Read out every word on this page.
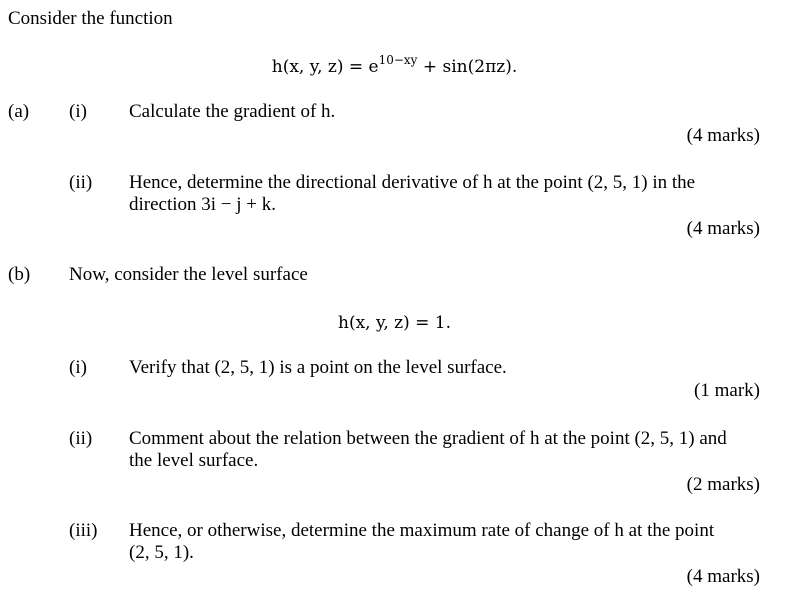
Consider the function
h(x, y, $z) = e^{10-xy} + \sin(2\pi z)$.
(a) (i) Calculate the gradient of h.
(4 marks)
(ii) Hence, determine the directional derivative of h at the point (2, 5, 1) in the
direction 3i − j + k.
(4 marks)
(b) Now, consider the level surface
h(x, y, z) = 1.
(i) Verify that (2, 5, 1) is a point on the level surface.
(1 mark)
(ii) Comment about the relation between the gradient of h at the point (2, 5, 1) and
the level surface.
(2 marks)
(iii) Hence, or otherwise, determine the maximum rate of change of h at the point
(2, 5, 1).
(4 marks)
